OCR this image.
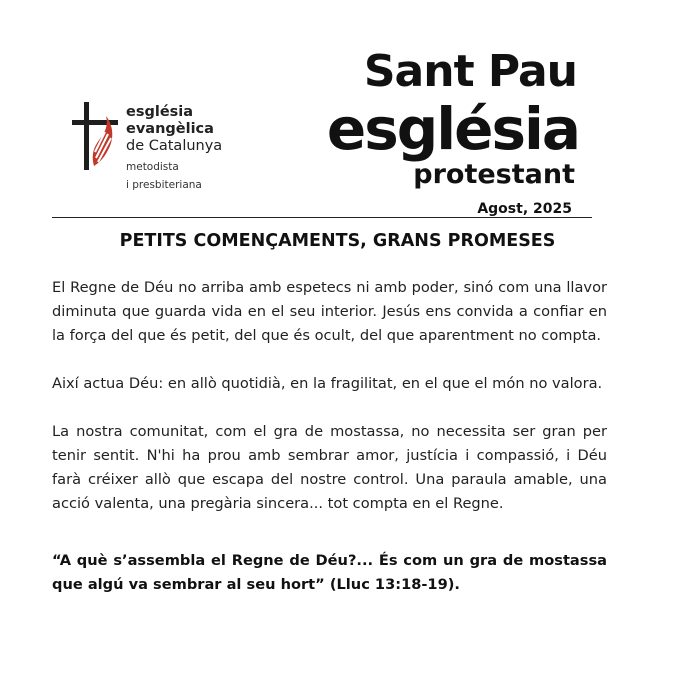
església
evangèlica
de Catalunya
metodista
i presbiteriana
Sant Pau
església
protestant
Agost, 2025
PETITS COMENÇAMENTS, GRANS PROMESES

El Regne de Déu no arriba amb espetecs ni amb poder, sinó com una llavor diminuta que guarda vida en el seu interior. Jesús ens convida a confiar en la força del que és petit, del que és ocult, del que aparentment no compta.

Així actua Déu: en allò quotidià, en la fragilitat, en el que el món no valora.

La nostra comunitat, com el gra de mostassa, no necessita ser gran per tenir sentit. N'hi ha prou amb sembrar amor, justícia i compassió, i Déu farà créixer allò que escapa del nostre control. Una paraula amable, una acció valenta, una pregària sincera... tot compta en el Regne.

“A què s’assembla el Regne de Déu?... És com un gra de mostassa que algú va sembrar al seu hort” (Lluc 13:18-19).
